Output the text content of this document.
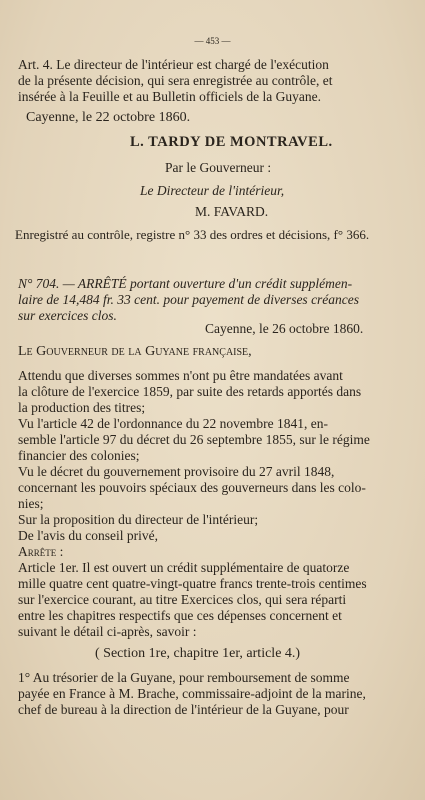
— 453 —
Art. 4. Le directeur de l'intérieur est chargé de l'exécution
de la présente décision, qui sera enregistrée au contrôle, et
insérée à la Feuille et au Bulletin officiels de la Guyane.
Cayenne, le 22 octobre 1860.
L. TARDY DE MONTRAVEL.
Par le Gouverneur :
Le Directeur de l'intérieur,
M. FAVARD.
Enregistré au contrôle, registre n° 33 des ordres et décisions, f° 366.
N° 704. — ARRÊTÉ portant ouverture d'un crédit supplémen-
laire de 14,484 fr. 33 cent. pour payement de diverses créances
sur exercices clos.
Cayenne, le 26 octobre 1860.
Le Gouverneur de la Guyane française,
Attendu que diverses sommes n'ont pu être mandatées avant
la clôture de l'exercice 1859, par suite des retards apportés dans
la production des titres;
Vu l'article 42 de l'ordonnance du 22 novembre 1841, en-
semble l'article 97 du décret du 26 septembre 1855, sur le régime
financier des colonies;
Vu le décret du gouvernement provisoire du 27 avril 1848,
concernant les pouvoirs spéciaux des gouverneurs dans les colo-
nies;
Sur la proposition du directeur de l'intérieur;
De l'avis du conseil privé,
Arrête :
Article 1er. Il est ouvert un crédit supplémentaire de quatorze
mille quatre cent quatre-vingt-quatre francs trente-trois centimes
sur l'exercice courant, au titre Exercices clos, qui sera réparti
entre les chapitres respectifs que ces dépenses concernent et
suivant le détail ci-après, savoir :
( Section 1re, chapitre 1er, article 4.)
1° Au trésorier de la Guyane, pour remboursement de somme
payée en France à M. Brache, commissaire-adjoint de la marine,
chef de bureau à la direction de l'intérieur de la Guyane, pour
